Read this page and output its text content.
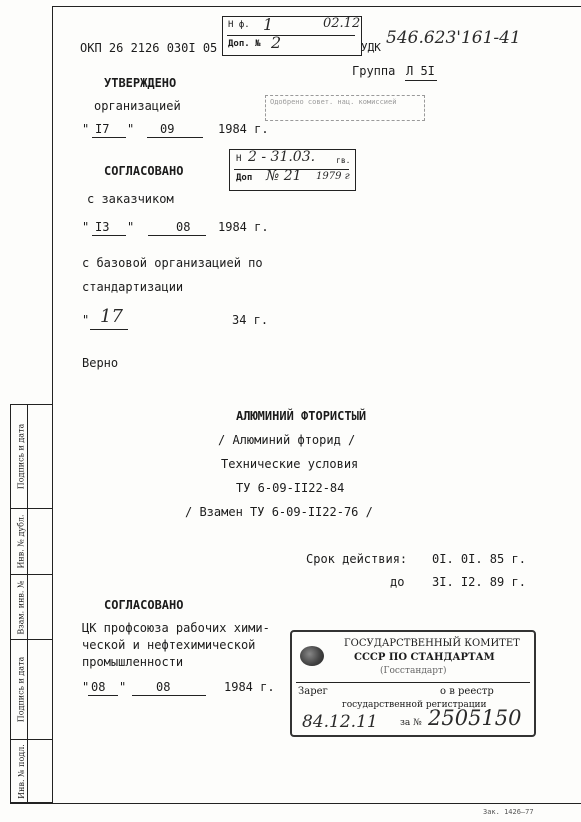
Подпись и дата
Инв. № дубл.
Взам. инв. №
Подпись и дата
Инв. № подл.
ОКП 26 2126 030I 05
Н ф. 1	02.12
Доп. № 2	УДК 546.623'161-41
Группа Л 5I
Одобрено совет. нац. комиссией
УТВЕРЖДЕНО
организацией
" I7 " 09	1984 г.
СОГЛАСОВАНО
с заказчиком
" I3 "	08 1984 г.
Н 2 - 31.03.	гв.
Доп № 21 1979 г
с базовой организацией по
стандартизации
" 17	34 г.
Верно
АЛЮМИНИЙ ФТОРИСТЫЙ
/ Алюминий фторид /
Технические условия
ТУ 6-09-II22-84
/ Взамен ТУ 6-09-II22-76 /
Срок действия: 0I. 0I. 85 г.
до 3I. I2. 89 г.
СОГЛАСОВАНО
ЦК профсоюза рабочих хими-
ческой и нефтехимической
промышленности
" 08 " 08	1984 г.
ГОСУДАРСТВЕННЫЙ КОМИТЕТ
СССР ПО СТАНДАРТАМ
(Госстандарт)
Зарег	о в реестр
государственной регистрации
84.12.11 за № 2505150
Зак. 1426—77
